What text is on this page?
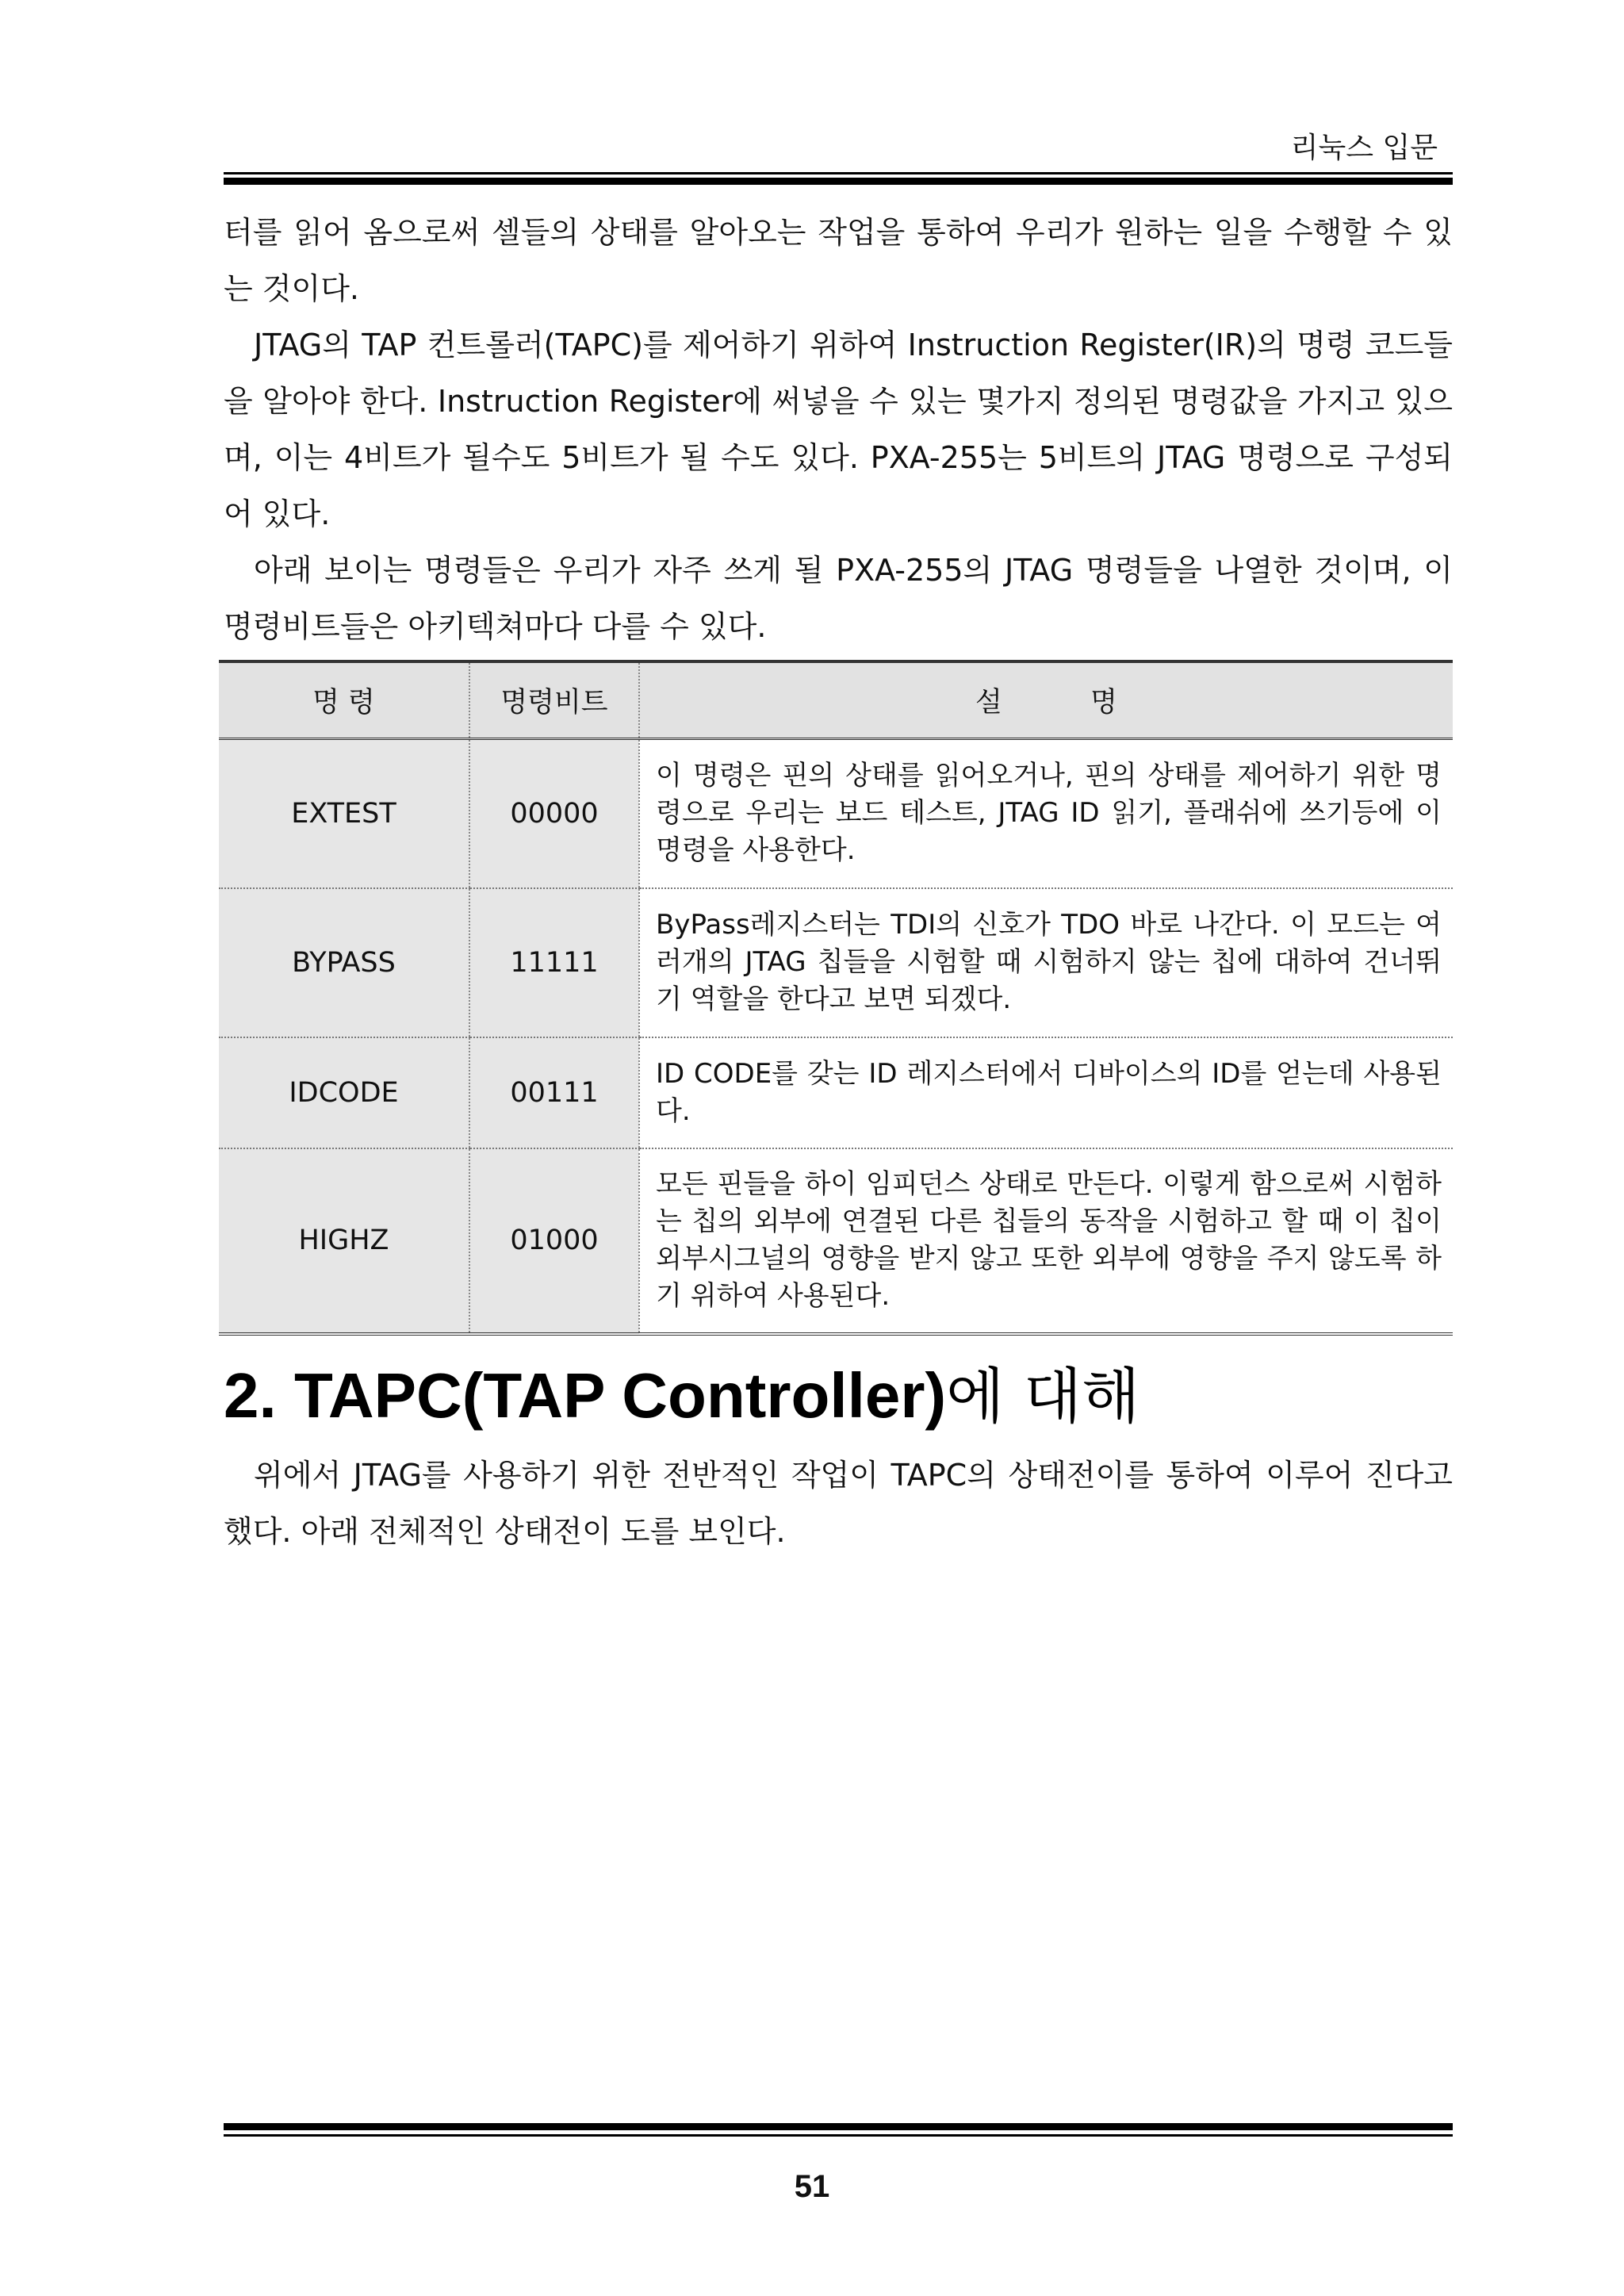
리눅스 입문

터를 읽어 옴으로써 셀들의 상태를 알아오는 작업을 통하여 우리가 원하는 일을 수행할 수 있는 것이다.

JTAG의 TAP 컨트롤러(TAPC)를 제어하기 위하여 Instruction Register(IR)의 명령 코드들을 알아야 한다. Instruction Register에 써넣을 수 있는 몇가지 정의된 명령값을 가지고 있으며, 이는 4비트가 될수도 5비트가 될 수도 있다. PXA-255는 5비트의 JTAG 명령으로 구성되어 있다.

아래 보이는 명령들은 우리가 자주 쓰게 될 PXA-255의 JTAG 명령들을 나열한 것이며, 이 명령비트들은 아키텍쳐마다 다를 수 있다.

명 령	명령비트	설          명
EXTEST	00000	이 명령은 핀의 상태를 읽어오거나, 핀의 상태를 제어하기 위한 명령으로 우리는 보드 테스트, JTAG ID 읽기, 플래쉬에 쓰기등에 이 명령을 사용한다.
BYPASS	11111	ByPass레지스터는 TDI의 신호가 TDO 바로 나간다. 이 모드는 여러개의 JTAG 칩들을 시험할 때 시험하지 않는 칩에 대하여 건너뛰기 역할을 한다고 보면 되겠다.
IDCODE	00111	ID CODE를 갖는 ID 레지스터에서 디바이스의 ID를 얻는데 사용된다.
HIGHZ	01000	모든 핀들을 하이 임피던스 상태로 만든다. 이렇게 함으로써 시험하는 칩의 외부에 연결된 다른 칩들의 동작을 시험하고 할 때 이 칩이 외부시그널의 영향을 받지 않고 또한 외부에 영향을 주지 않도록 하기 위하여 사용된다.
2. TAPC(TAP Controller)에 대해

위에서 JTAG를 사용하기 위한 전반적인 작업이 TAPC의 상태전이를 통하여 이루어 진다고 했다. 아래 전체적인 상태전이 도를 보인다.

51
